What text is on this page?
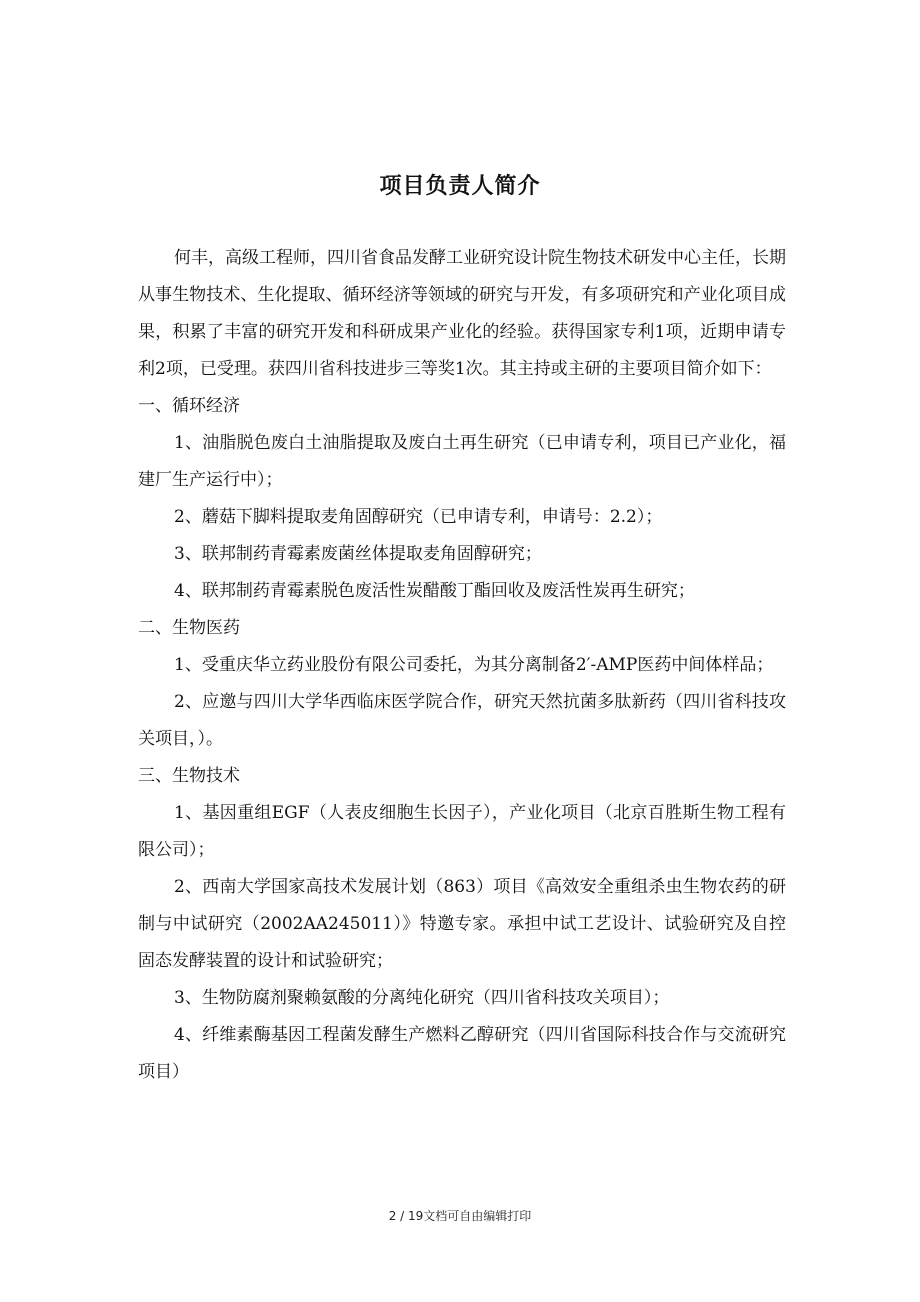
项目负责人简介

何丰，高级工程师，四川省食品发酵工业研究设计院生物技术研发中心主任，长期从事生物技术、生化提取、循环经济等领域的研究与开发，有多项研究和产业化项目成果，积累了丰富的研究开发和科研成果产业化的经验。获得国家专利1项，近期申请专利2项，已受理。获四川省科技进步三等奖1次。其主持或主研的主要项目简介如下：

一、循环经济

1、油脂脱色废白土油脂提取及废白土再生研究（已申请专利，项目已产业化，福建厂生产运行中）；

2、蘑菇下脚料提取麦角固醇研究（已申请专利，申请号：2.2）；

3、联邦制药青霉素废菌丝体提取麦角固醇研究；

4、联邦制药青霉素脱色废活性炭醋酸丁酯回收及废活性炭再生研究；

二、生物医药

1、受重庆华立药业股份有限公司委托，为其分离制备2′-AMP医药中间体样品；

2、应邀与四川大学华西临床医学院合作，研究天然抗菌多肽新药（四川省科技攻关项目，）。

三、生物技术

1、基因重组EGF（人表皮细胞生长因子），产业化项目（北京百胜斯生物工程有限公司）；

2、西南大学国家高技术发展计划（863）项目《高效安全重组杀虫生物农药的研制与中试研究（2002AA245011）》特邀专家。承担中试工艺设计、试验研究及自控固态发酵装置的设计和试验研究；

3、生物防腐剂聚赖氨酸的分离纯化研究（四川省科技攻关项目）；

4、纤维素酶基因工程菌发酵生产燃料乙醇研究（四川省国际科技合作与交流研究项目）

2 / 19文档可自由编辑打印
